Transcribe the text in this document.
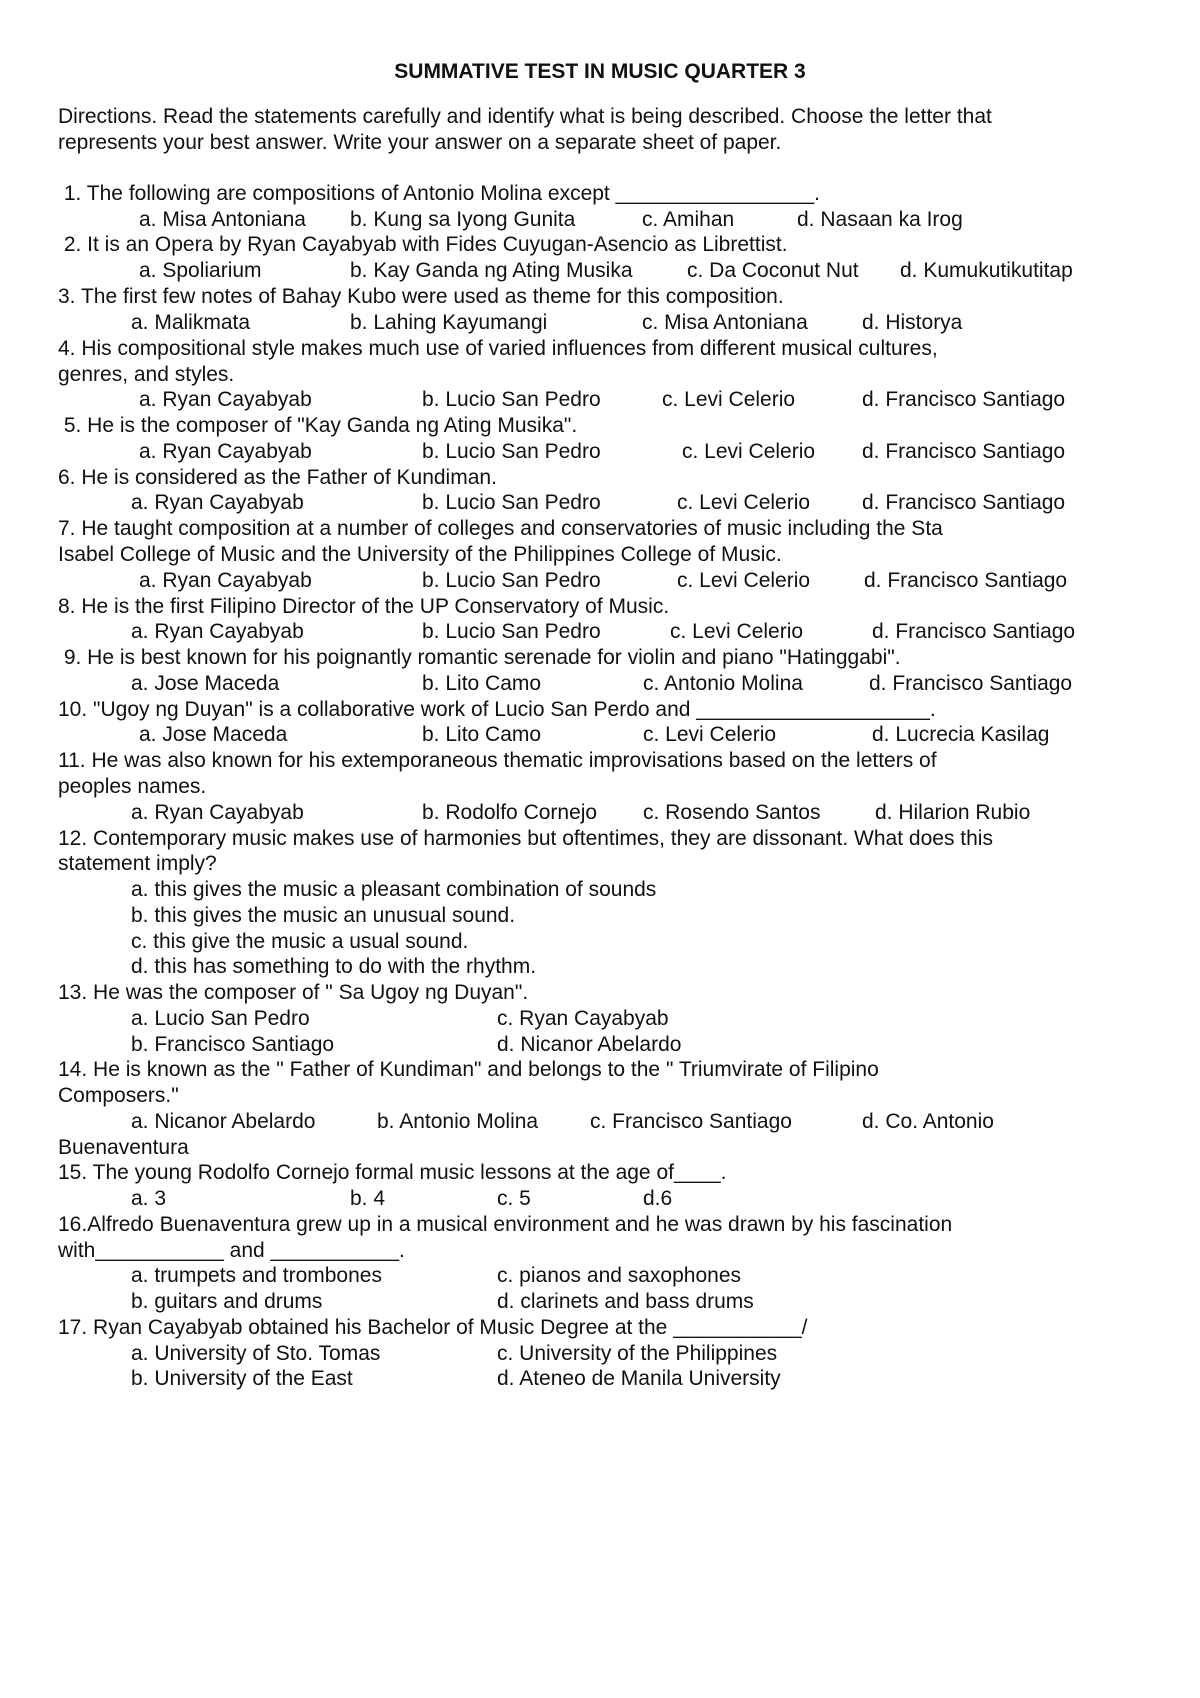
SUMMATIVE TEST IN MUSIC QUARTER 3
Directions. Read the statements carefully and identify what is being described. Choose the letter that
represents your best answer. Write your answer on a separate sheet of paper.
1. The following are compositions of Antonio Molina except _________________.
a. Misa Antoniana b. Kung sa Iyong Gunita	c. Amihan	d. Nasaan ka Irog
2. It is an Opera by Ryan Cayabyab with Fides Cuyugan-Asencio as Librettist.
a. Spoliarium	b. Kay Ganda ng Ating Musika	c. Da Coconut Nut d. Kumukutikutitap
3. The first few notes of Bahay Kubo were used as theme for this composition.
a. Malikmata	b. Lahing Kayumangi	c. Misa Antoniana	d. Historya
4. His compositional style makes much use of varied influences from different musical cultures,
genres, and styles.
a. Ryan Cayabyab	b. Lucio San Pedro	c. Levi Celerio	d. Francisco Santiago
5. He is the composer of "Kay Ganda ng Ating Musika".
a. Ryan Cayabyab	b. Lucio San Pedro	c. Levi Celerio d. Francisco Santiago
6. He is considered as the Father of Kundiman.
a. Ryan Cayabyab	b. Lucio San Pedro	c. Levi Celerio d. Francisco Santiago
7. He taught composition at a number of colleges and conservatories of music including the Sta
Isabel College of Music and the University of the Philippines College of Music.
a. Ryan Cayabyab	b. Lucio San Pedro	c. Levi Celerio	d. Francisco Santiago
8. He is the first Filipino Director of the UP Conservatory of Music.
a. Ryan Cayabyab	b. Lucio San Pedro	c. Levi Celerio	d. Francisco Santiago
9. He is best known for his poignantly romantic serenade for violin and piano "Hatinggabi".
a. Jose Maceda	b. Lito Camo	c. Antonio Molina	d. Francisco Santiago
10. "Ugoy ng Duyan" is a collaborative work of Lucio San Perdo and ____________________.
a. Jose Maceda	b. Lito Camo	c. Levi Celerio	d. Lucrecia Kasilag
11. He was also known for his extemporaneous thematic improvisations based on the letters of
peoples names.
a. Ryan Cayabyab	b. Rodolfo Cornejo c. Rosendo Santos	d. Hilarion Rubio
12. Contemporary music makes use of harmonies but oftentimes, they are dissonant. What does this
statement imply?
a. this gives the music a pleasant combination of sounds
b. this gives the music an unusual sound.
c. this give the music a usual sound.
d. this has something to do with the rhythm.
13. He was the composer of " Sa Ugoy ng Duyan".
a. Lucio San Pedro	c. Ryan Cayabyab
b. Francisco Santiago	d. Nicanor Abelardo
14. He is known as the " Father of Kundiman" and belongs to the " Triumvirate of Filipino
Composers."
a. Nicanor Abelardo	b. Antonio Molina c. Francisco Santiago	d. Co. Antonio
Buenaventura
15. The young Rodolfo Cornejo formal music lessons at the age of____.
a. 3	b. 4	c. 5	d.6
16.Alfredo Buenaventura grew up in a musical environment and he was drawn by his fascination
with___________ and ___________.
a. trumpets and trombones	c. pianos and saxophones
b. guitars and drums	d. clarinets and bass drums
17. Ryan Cayabyab obtained his Bachelor of Music Degree at the ___________/
a. University of Sto. Tomas	c. University of the Philippines
b. University of the East	d. Ateneo de Manila University
